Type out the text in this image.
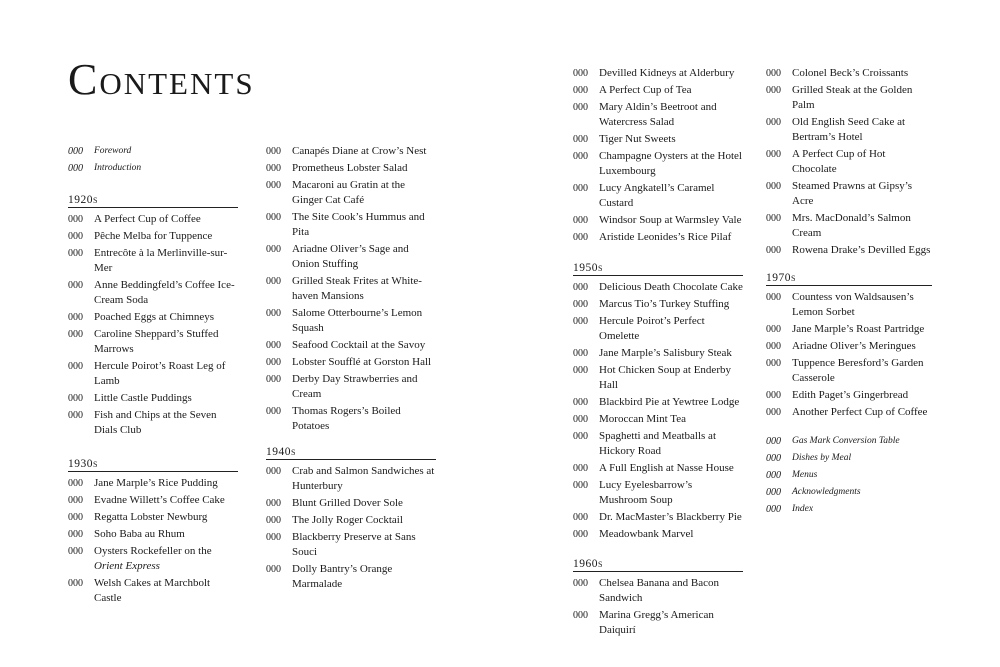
Contents
000	Foreword
000	Introduction
1920s
000	A Perfect Cup of Coffee
000	Pêche Melba for Tuppence
000	Entrecôte à la Merlinville-sur-Mer
000	Anne Beddingfeld’s Coffee Ice-Cream Soda
000	Poached Eggs at Chimneys
000	Caroline Sheppard’s Stuffed Marrows
000	Hercule Poirot’s Roast Leg of Lamb
000	Little Castle Puddings
000	Fish and Chips at the Seven Dials Club
1930s
000	Jane Marple’s Rice Pudding
000	Evadne Willett’s Coffee Cake
000	Regatta Lobster Newburg
000	Soho Baba au Rhum
000	Oysters Rockefeller on the Orient Express
000	Welsh Cakes at Marchbolt Castle
000	Canapés Diane at Crow’s Nest
000	Prometheus Lobster Salad
000	Macaroni au Gratin at the Ginger Cat Café
000	The Site Cook’s Hummus and Pita
000	Ariadne Oliver’s Sage and Onion Stuffing
000	Grilled Steak Frites at White-haven Mansions
000	Salome Otterbourne’s Lemon Squash
000	Seafood Cocktail at the Savoy
000	Lobster Soufflé at Gorston Hall
000	Derby Day Strawberries and Cream
000	Thomas Rogers’s Boiled Potatoes
1940s
000	Crab and Salmon Sandwiches at Hunterbury
000	Blunt Grilled Dover Sole
000	The Jolly Roger Cocktail
000	Blackberry Preserve at Sans Souci
000	Dolly Bantry’s Orange Marmalade
000	Devilled Kidneys at Alderbury
000	A Perfect Cup of Tea
000	Mary Aldin’s Beetroot and Watercress Salad
000	Tiger Nut Sweets
000	Champagne Oysters at the Hotel Luxembourg
000	Lucy Angkatell’s Caramel Custard
000	Windsor Soup at Warmsley Vale
000	Aristide Leonides’s Rice Pilaf
1950s
000	Delicious Death Chocolate Cake
000	Marcus Tio’s Turkey Stuffing
000	Hercule Poirot’s Perfect Omelette
000	Jane Marple’s Salisbury Steak
000	Hot Chicken Soup at Enderby Hall
000	Blackbird Pie at Yewtree Lodge
000	Moroccan Mint Tea
000	Spaghetti and Meatballs at Hickory Road
000	A Full English at Nasse House
000	Lucy Eyelesbarrow’s Mushroom Soup
000	Dr. MacMaster’s Blackberry Pie
000	Meadowbank Marvel
1960s
000	Chelsea Banana and Bacon Sandwich
000	Marina Gregg’s American Daiquirí
000	Colonel Beck’s Croissants
000	Grilled Steak at the Golden Palm
000	Old English Seed Cake at Bertram’s Hotel
000	A Perfect Cup of Hot Chocolate
000	Steamed Prawns at Gipsy’s Acre
000	Mrs. MacDonald’s Salmon Cream
000	Rowena Drake’s Devilled Eggs
1970s
000	Countess von Waldsausen’s Lemon Sorbet
000	Jane Marple’s Roast Partridge
000	Ariadne Oliver’s Meringues
000	Tuppence Beresford’s Garden Casserole
000	Edith Paget’s Gingerbread
000	Another Perfect Cup of Coffee
000	Gas Mark Conversion Table
000	Dishes by Meal
000	Menus
000	Acknowledgments
000	Index
